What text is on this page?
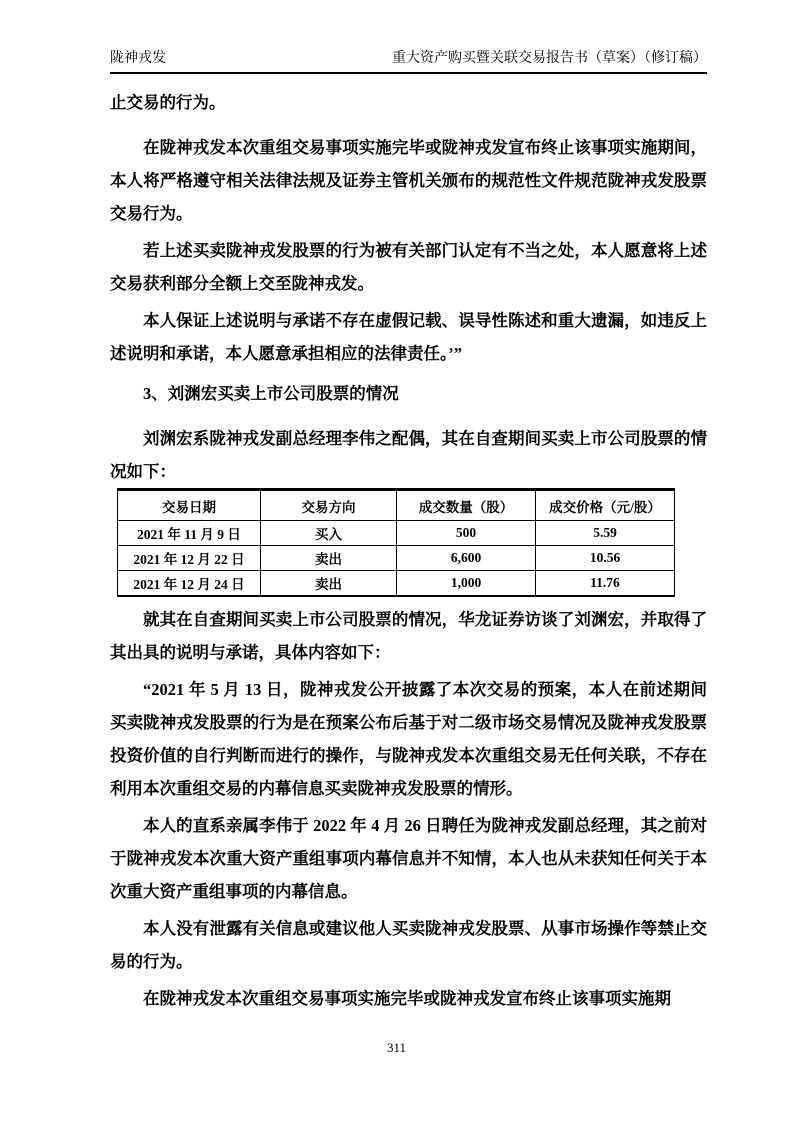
陇神戎发	重大资产购买暨关联交易报告书（草案）（修订稿）

止交易的行为。

在陇神戎发本次重组交易事项实施完毕或陇神戎发宣布终止该事项实施期间，本人将严格遵守相关法律法规及证券主管机关颁布的规范性文件规范陇神戎发股票交易行为。

若上述买卖陇神戎发股票的行为被有关部门认定有不当之处，本人愿意将上述交易获利部分全额上交至陇神戎发。

本人保证上述说明与承诺不存在虚假记载、误导性陈述和重大遗漏，如违反上述说明和承诺，本人愿意承担相应的法律责任。’”

3、刘渊宏买卖上市公司股票的情况

刘渊宏系陇神戎发副总经理李伟之配偶，其在自查期间买卖上市公司股票的情况如下：

交易日期	交易方向	成交数量（股）	成交价格（元/股）
2021 年 11 月 9 日	买入	500	5.59
2021 年 12 月 22 日	卖出	6,600	10.56
2021 年 12 月 24 日	卖出	1,000	11.76

就其在自查期间买卖上市公司股票的情况，华龙证券访谈了刘渊宏，并取得了其出具的说明与承诺，具体内容如下：

“2021 年 5 月 13 日，陇神戎发公开披露了本次交易的预案，本人在前述期间买卖陇神戎发股票的行为是在预案公布后基于对二级市场交易情况及陇神戎发股票投资价值的自行判断而进行的操作，与陇神戎发本次重组交易无任何关联，不存在利用本次重组交易的内幕信息买卖陇神戎发股票的情形。

本人的直系亲属李伟于 2022 年 4 月 26 日聘任为陇神戎发副总经理，其之前对于陇神戎发本次重大资产重组事项内幕信息并不知情，本人也从未获知任何关于本次重大资产重组事项的内幕信息。

本人没有泄露有关信息或建议他人买卖陇神戎发股票、从事市场操作等禁止交易的行为。

在陇神戎发本次重组交易事项实施完毕或陇神戎发宣布终止该事项实施期

311
